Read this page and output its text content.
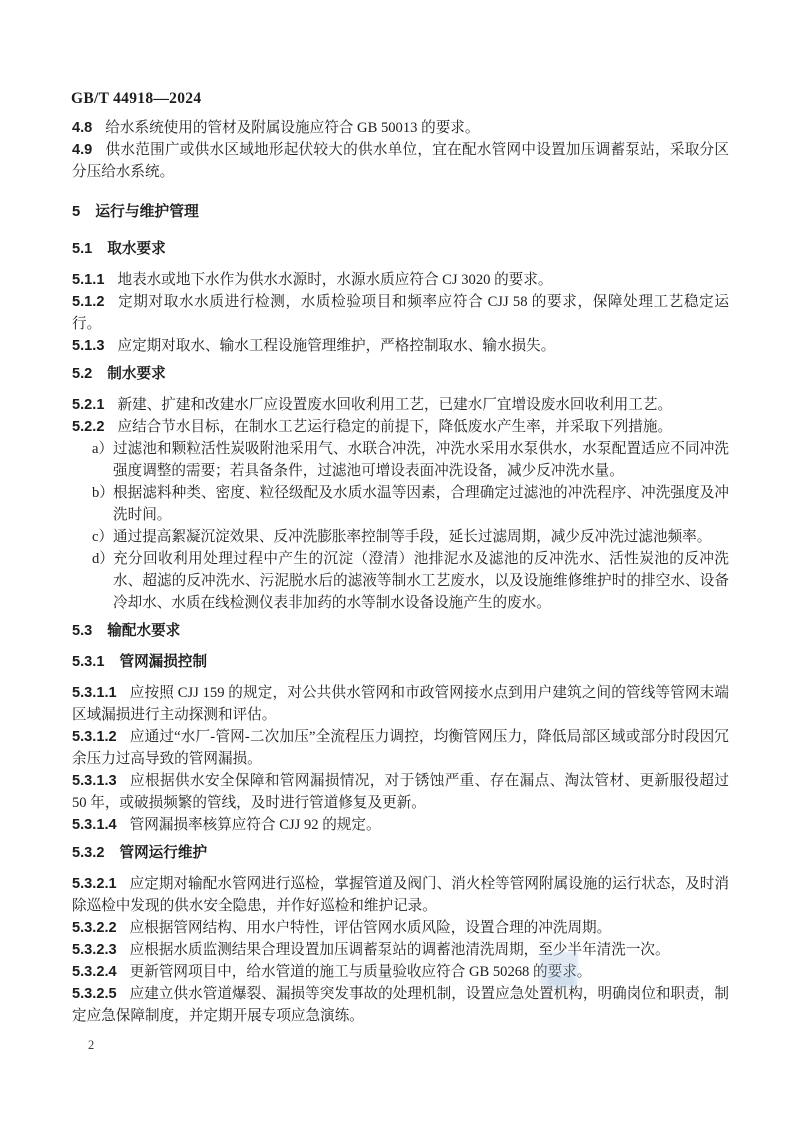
GB/T 44918—2024

4.8 给水系统使用的管材及附属设施应符合 GB 50013 的要求。

4.9 供水范围广或供水区域地形起伏较大的供水单位，宜在配水管网中设置加压调蓄泵站，采取分区分压给水系统。

5 运行与维护管理
5.1 取水要求

5.1.1 地表水或地下水作为供水水源时，水源水质应符合 CJ 3020 的要求。

5.1.2 定期对取水水质进行检测，水质检验项目和频率应符合 CJJ 58 的要求，保障处理工艺稳定运行。

5.1.3 应定期对取水、输水工程设施管理维护，严格控制取水、输水损失。

5.2 制水要求

5.2.1 新建、扩建和改建水厂应设置废水回收利用工艺，已建水厂宜增设废水回收利用工艺。

5.2.2 应结合节水目标，在制水工艺运行稳定的前提下，降低废水产生率，并采取下列措施。

a） 过滤池和颗粒活性炭吸附池采用气、水联合冲洗，冲洗水采用水泵供水，水泵配置适应不同冲洗强度调整的需要；若具备条件，过滤池可增设表面冲洗设备，减少反冲洗水量。

b） 根据滤料种类、密度、粒径级配及水质水温等因素，合理确定过滤池的冲洗程序、冲洗强度及冲洗时间。

c） 通过提高絮凝沉淀效果、反冲洗膨胀率控制等手段，延长过滤周期，减少反冲洗过滤池频率。

d） 充分回收利用处理过程中产生的沉淀（澄清）池排泥水及滤池的反冲洗水、活性炭池的反冲洗水、超滤的反冲洗水、污泥脱水后的滤液等制水工艺废水，以及设施维修维护时的排空水、设备冷却水、水质在线检测仪表非加药的水等制水设备设施产生的废水。

5.3 输配水要求
5.3.1 管网漏损控制

5.3.1.1 应按照 CJJ 159 的规定，对公共供水管网和市政管网接水点到用户建筑之间的管线等管网末端区域漏损进行主动探测和评估。

5.3.1.2 应通过“水厂-管网-二次加压”全流程压力调控，均衡管网压力，降低局部区域或部分时段因冗余压力过高导致的管网漏损。

5.3.1.3 应根据供水安全保障和管网漏损情况，对于锈蚀严重、存在漏点、淘汰管材、更新服役超过 50 年，或破损频繁的管线，及时进行管道修复及更新。

5.3.1.4 管网漏损率核算应符合 CJJ 92 的规定。

5.3.2 管网运行维护

5.3.2.1 应定期对输配水管网进行巡检，掌握管道及阀门、消火栓等管网附属设施的运行状态，及时消除巡检中发现的供水安全隐患，并作好巡检和维护记录。

5.3.2.2 应根据管网结构、用水户特性，评估管网水质风险，设置合理的冲洗周期。

5.3.2.3 应根据水质监测结果合理设置加压调蓄泵站的调蓄池清洗周期，至少半年清洗一次。

5.3.2.4 更新管网项目中，给水管道的施工与质量验收应符合 GB 50268 的要求。

5.3.2.5 应建立供水管道爆裂、漏损等突发事故的处理机制，设置应急处置机构，明确岗位和职责，制定应急保障制度，并定期开展专项应急演练。

2
